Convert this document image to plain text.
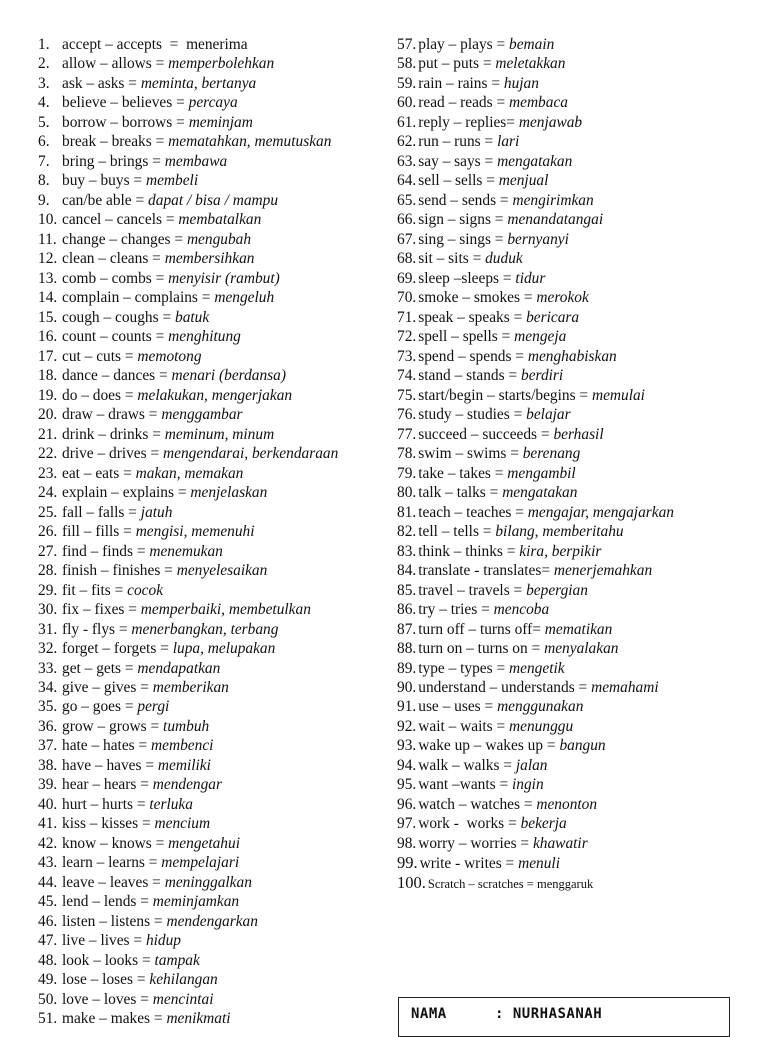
1. accept – accepts = menerima
2. allow – allows = memperbolehkan
3. ask – asks = meminta, bertanya
4. believe – believes = percaya
5. borrow – borrows = meminjam
6. break – breaks = mematahkan, memutuskan
7. bring – brings = membawa
8. buy – buys = membeli
9. can/be able = dapat / bisa / mampu
10. cancel – cancels = membatalkan
11. change – changes = mengubah
12. clean – cleans = membersihkan
13. comb – combs = menyisir (rambut)
14. complain – complains = mengeluh
15. cough – coughs = batuk
16. count – counts = menghitung
17. cut – cuts = memotong
18. dance – dances = menari (berdansa)
19. do – does = melakukan, mengerjakan
20. draw – draws = menggambar
21. drink – drinks = meminum, minum
22. drive – drives = mengendarai, berkendaraan
23. eat – eats = makan, memakan
24. explain – explains = menjelaskan
25. fall – falls = jatuh
26. fill – fills = mengisi, memenuhi
27. find – finds = menemukan
28. finish – finishes = menyelesaikan
29. fit – fits = cocok
30. fix – fixes = memperbaiki, membetulkan
31. fly - flys = menerbangkan, terbang
32. forget – forgets = lupa, melupakan
33. get – gets = mendapatkan
34. give – gives = memberikan
35. go – goes = pergi
36. grow – grows = tumbuh
37. hate – hates = membenci
38. have – haves = memiliki
39. hear – hears = mendengar
40. hurt – hurts = terluka
41. kiss – kisses = mencium
42. know – knows = mengetahui
43. learn – learns = mempelajari
44. leave – leaves = meninggalkan
45. lend – lends = meminjamkan
46. listen – listens = mendengarkan
47. live – lives = hidup
48. look – looks = tampak
49. lose – loses = kehilangan
50. love – loves = mencintai
51. make – makes = menikmati
57. play – plays = bemain
58. put – puts = meletakkan
59. rain – rains = hujan
60. read – reads = membaca
61. reply – replies = menjawab
62. run – runs = lari
63. say – says = mengatakan
64. sell – sells = menjual
65. send – sends = mengirimkan
66. sign – signs = menandatangai
67. sing – sings = bernyanyi
68. sit – sits = duduk
69. sleep –sleeps = tidur
70. smoke – smokes = merokok
71. speak – speaks = bericara
72. spell – spells = mengeja
73. spend – spends = menghabiskan
74. stand – stands = berdiri
75. start/begin – starts/begins = memulai
76. study – studies = belajar
77. succeed – succeeds = berhasil
78. swim – swims = berenang
79. take – takes = mengambil
80. talk – talks = mengatakan
81. teach – teaches = mengajar, mengajarkan
82. tell – tells = bilang, memberitahu
83. think – thinks = kira, berpikir
84. translate - translates = menerjemahkan
85. travel – travels = bepergian
86. try – tries = mencoba
87. turn off – turns off = mematikan
88. turn on – turns on = menyalakan
89. type – types = mengetik
90. understand – understands = memahami
91. use – uses = menggunakan
92. wait – waits = menunggu
93. wake up – wakes up = bangun
94. walk – walks = jalan
95. want –wants = ingin
96. watch – watches = menonton
97. work -  works = bekerja
98. worry – worries = khawatir
99. write - writes = menuli
100. Scratch – scratches = menggaruk
NAMA	: NURHASANAH
